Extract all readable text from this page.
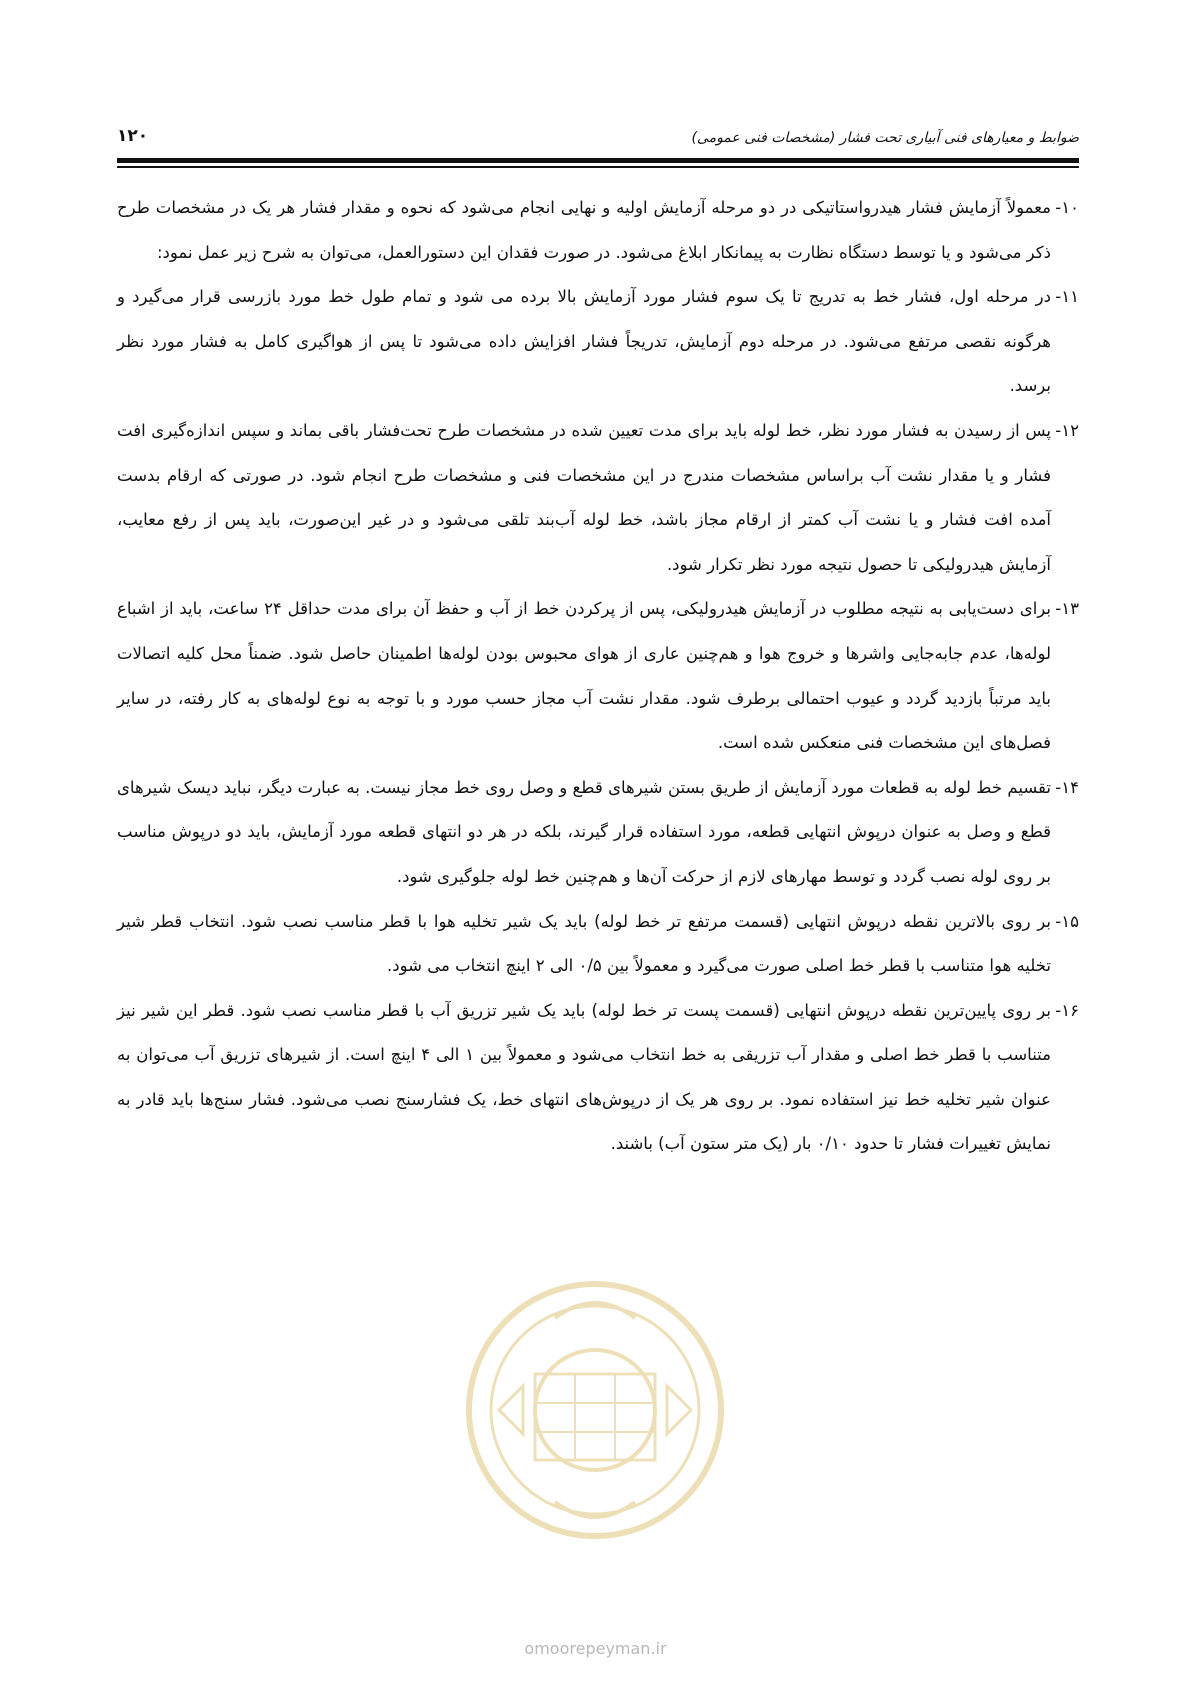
۱۲۰	ضوابط و معیارهای فنی آبیاری تحت فشار (مشخصات فنی عمومی)

۱۰-
معمولاً آزمایش فشار هیدرواستاتیکی در دو مرحله آزمایش اولیه و نهایی انجام می‌شود که نحوه و مقدار فشار هر یک در مشخصات طرح ذکر می‌شود و یا توسط دستگاه نظارت به پیمانکار ابلاغ می‌شود. در صورت فقدان این دستورالعمل، می‌توان به شرح زیر عمل نمود:

۱۱-
در مرحله اول، فشار خط به تدریج تا یک سوم فشار مورد آزمایش بالا برده می شود و تمام طول خط مورد بازرسی قرار می‌گیرد و هرگونه نقصی مرتفع می‌شود. در مرحله دوم آزمایش، تدریجاً فشار افزایش داده می‌شود تا پس از هواگیری کامل به فشار مورد نظر برسد.

۱۲-
پس از رسیدن به فشار مورد نظر، خط لوله باید برای مدت تعیین شده در مشخصات طرح تحت‌فشار باقی بماند و سپس اندازه‌گیری افت فشار و یا مقدار نشت آب براساس مشخصات مندرج در این مشخصات فنی و مشخصات طرح انجام شود. در صورتی که ارقام بدست آمده افت فشار و یا نشت آب کمتر از ارقام مجاز باشد، خط لوله آب‌بند تلقی می‌شود و در غیر این‌صورت، باید پس از رفع معایب، آزمایش هیدرولیکی تا حصول نتیجه مورد نظر تکرار شود.

۱۳-
برای دست‌یابی به نتیجه مطلوب در آزمایش هیدرولیکی، پس از پرکردن خط از آب و حفظ آن برای مدت حداقل ۲۴ ساعت، باید از اشباع لوله‌ها، عدم جابه‌جایی واشرها و خروج هوا و هم‌چنین عاری از هوای محبوس بودن لوله‌ها اطمینان حاصل شود. ضمناً محل کلیه اتصالات باید مرتباً بازدید گردد و عیوب احتمالی برطرف شود. مقدار نشت آب مجاز حسب مورد و با توجه به نوع لوله‌های به کار رفته، در سایر فصل‌های این مشخصات فنی منعکس شده است.

۱۴-
تقسیم خط لوله به قطعات مورد آزمایش از طریق بستن شیرهای قطع و وصل روی خط مجاز نیست. به عبارت دیگر، نباید دیسک شیرهای قطع و وصل به عنوان درپوش انتهایی قطعه، مورد استفاده قرار گیرند، بلکه در هر دو انتهای قطعه مورد آزمایش، باید دو درپوش مناسب بر روی لوله نصب گردد و توسط مهارهای لازم از حرکت آن‌ها و هم‌چنین خط لوله جلوگیری شود.

۱۵-
بر روی بالاترین نقطه درپوش انتهایی (قسمت مرتفع تر خط لوله) باید یک شیر تخلیه هوا با قطر مناسب نصب شود. انتخاب قطر شیر تخلیه هوا متناسب با قطر خط اصلی صورت می‌گیرد و معمولاً بین ۰/۵ الی ۲ اینچ انتخاب می شود.

۱۶-
بر روی پایین‌ترین نقطه درپوش انتهایی (قسمت پست تر خط لوله) باید یک شیر تزریق آب با قطر مناسب نصب شود. قطر این شیر نیز متناسب با قطر خط اصلی و مقدار آب تزریقی به خط انتخاب می‌شود و معمولاً بین ۱ الی ۴ اینچ است. از شیرهای تزریق آب می‌توان به عنوان شیر تخلیه خط نیز استفاده نمود. بر روی هر یک از درپوش‌های انتهای خط، یک فشارسنج نصب می‌شود. فشار سنج‌ها باید قادر به نمایش تغییرات فشار تا حدود ۰/۱۰ بار (یک متر ستون آب) باشند.

omoorepeyman.ir
